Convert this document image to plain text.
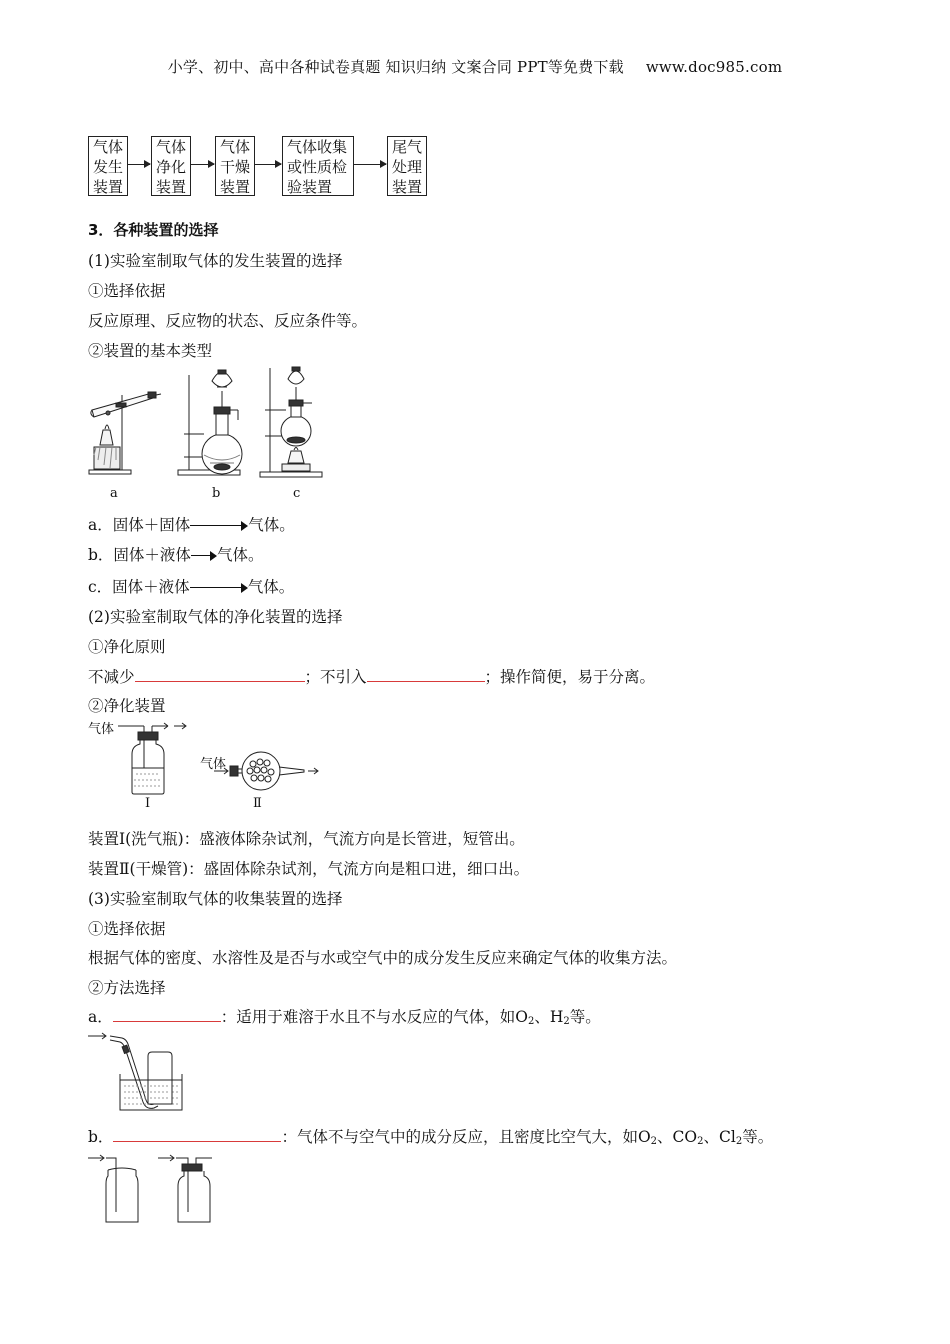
小学、初中、高中各种试卷真题 知识归纳 文案合同 PPT等免费下载 www.doc985.com
气体
发生
装置
气体
净化
装置
气体
干燥
装置
气体收集
或性质检
验装置
尾气
处理
装置
3．各种装置的选择
(1)实验室制取气体的发生装置的选择
①选择依据
反应原理、反应物的状态、反应条件等。
②装置的基本类型
a	b	c
a．固体＋固体	气体。
b．固体＋液体 气体。
c．固体＋液体	气体。
(2)实验室制取气体的净化装置的选择
①净化原则
不减少	；不引入	；操作简便，易于分离。
②净化装置
气体
气体
Ⅰ	Ⅱ
装置Ⅰ(洗气瓶)：盛液体除杂试剂，气流方向是长管进，短管出。
装置Ⅱ(干燥管)：盛固体除杂试剂，气流方向是粗口进，细口出。
(3)实验室制取气体的收集装置的选择
①选择依据
根据气体的密度、水溶性及是否与水或空气中的成分发生反应来确定气体的收集方法。
②方法选择
a．	：适用于难溶于水且不与水反应的气体，如$O_2$、$H_2$等。
b．	：气体不与空气中的成分反应，且密度比空气大，如$O_2$、$CO_2$、$Cl_2$等。
